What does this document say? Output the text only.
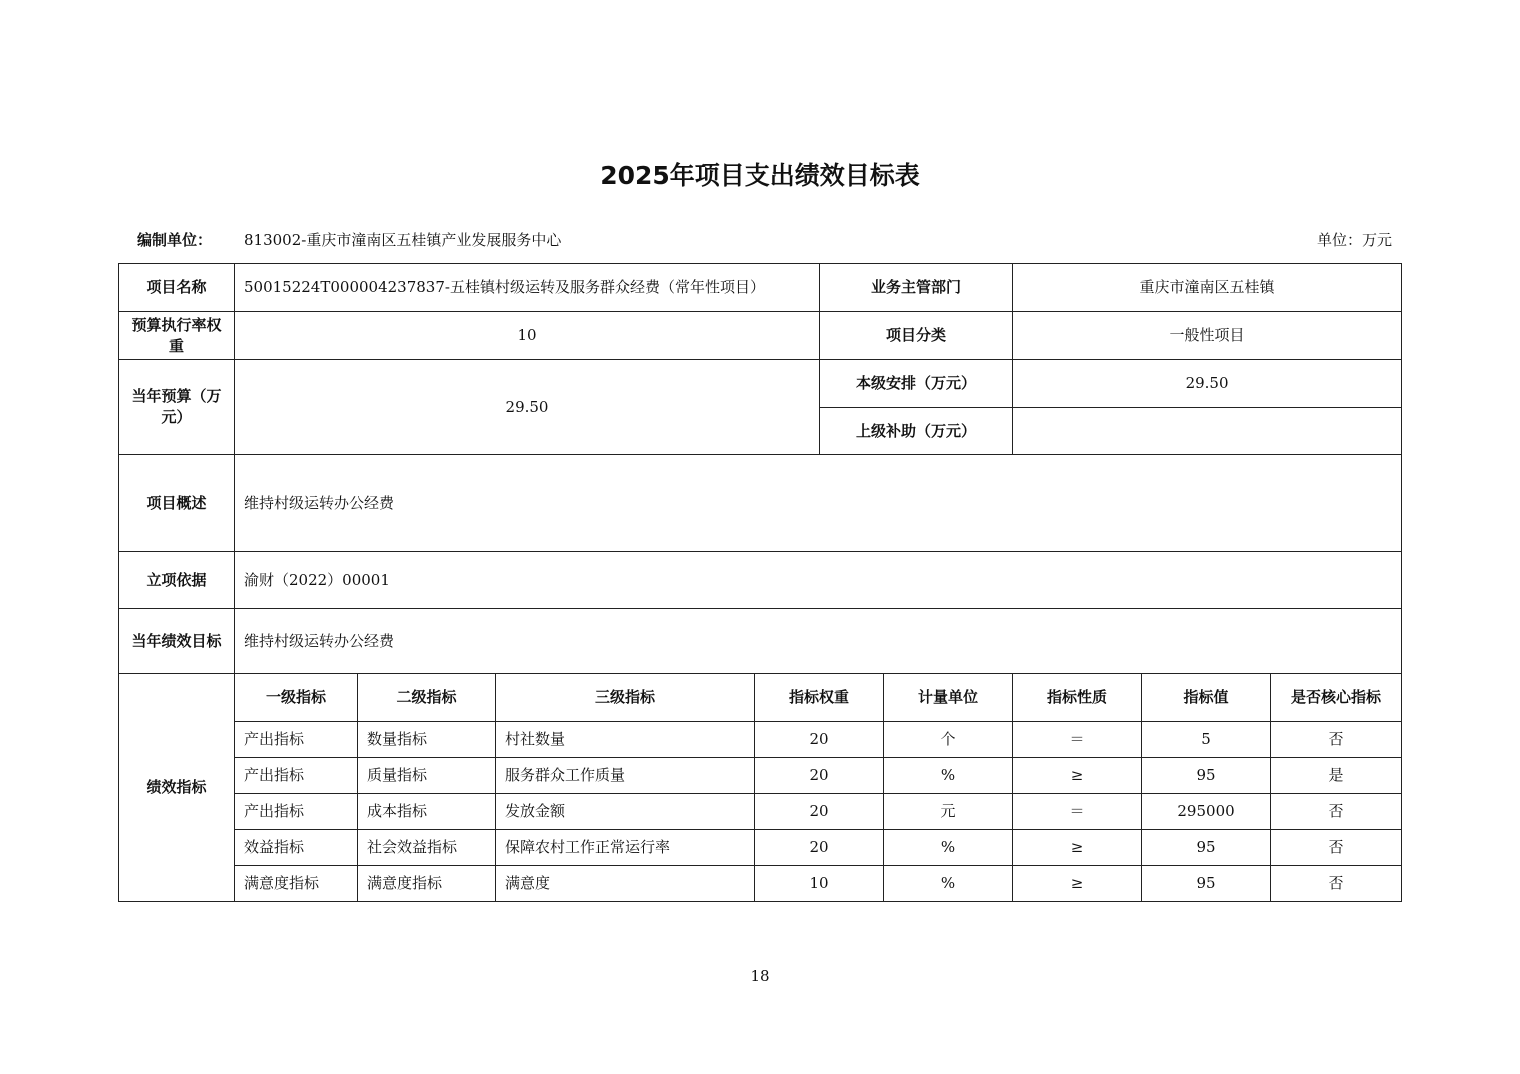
2025年项目支出绩效目标表
编制单位： 813002-重庆市潼南区五桂镇产业发展服务中心	单位：万元
项目名称	50015224T000004237837-五桂镇村级运转及服务群众经费（常年性项目）				业务主管部门		重庆市潼南区五桂镇		
预算执行率权重	10				项目分类		一般性项目		
当年预算（万元）	29.50				本级安排（万元）		29.50		
					上级补助（万元）				
项目概述	维持村级运转办公经费								
立项依据	渝财（2022）00001								
当年绩效目标	维持村级运转办公经费								
绩效指标	一级指标	二级指标	三级指标	指标权重		计量单位	指标性质	指标值	是否核心指标
	产出指标	数量指标	村社数量	20		个	＝	5	否
	产出指标	质量指标	服务群众工作质量	20		%	≥	95	是
	产出指标	成本指标	发放金额	20		元	＝	295000	否
	效益指标	社会效益指标	保障农村工作正常运行率	20		%	≥	95	否
	满意度指标	满意度指标	满意度	10		%	≥	95	否
18
